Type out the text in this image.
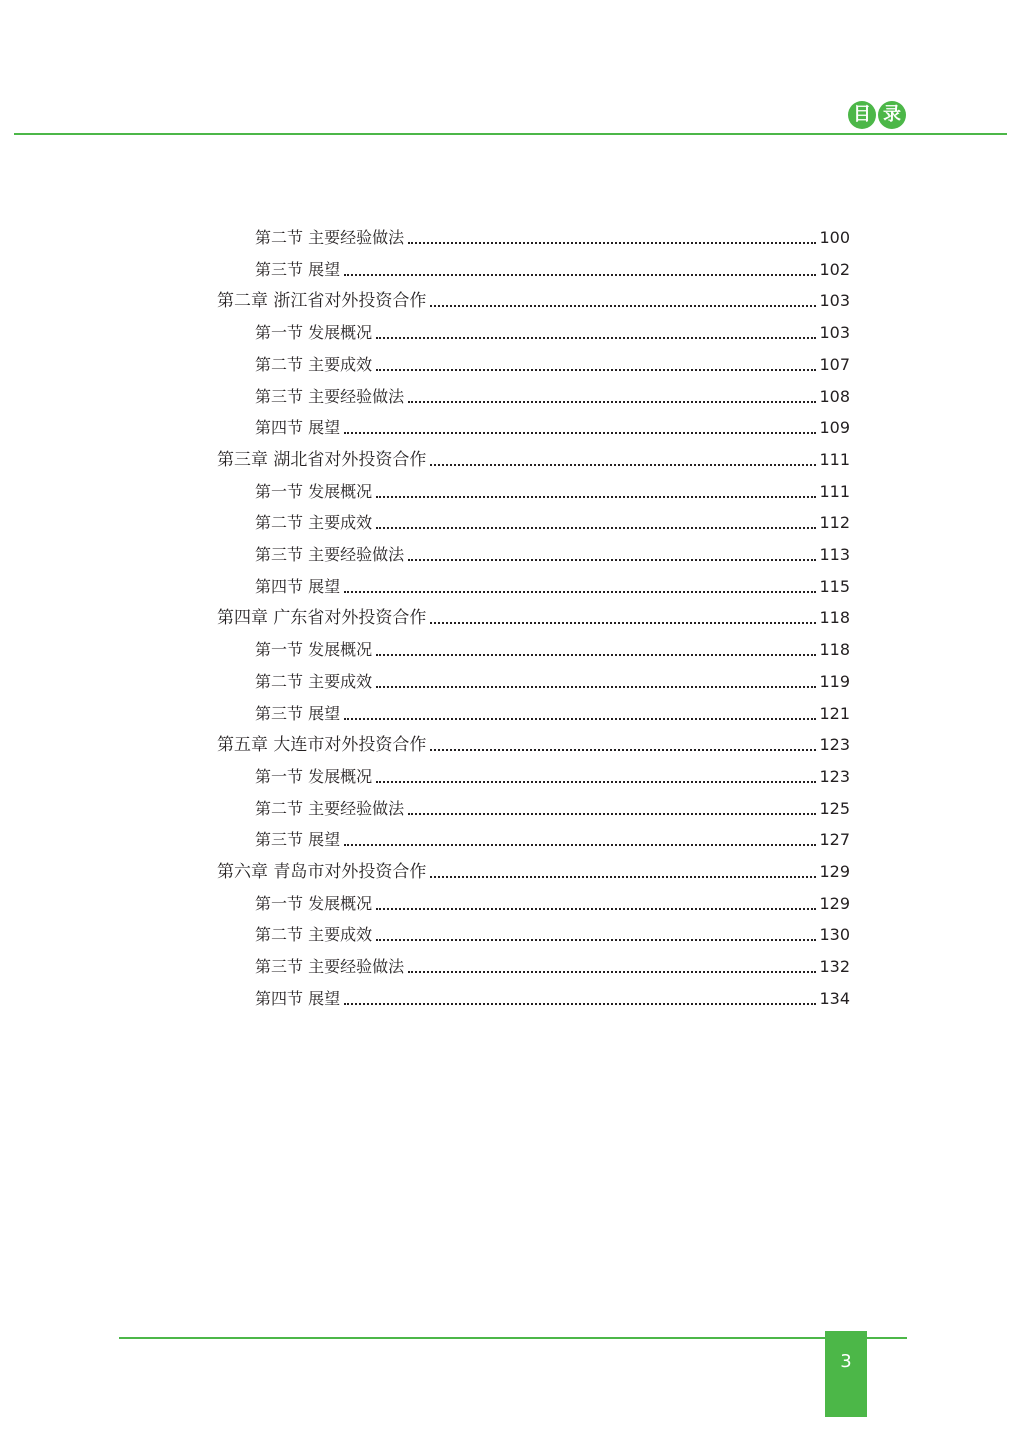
目 录
第二节 主要经验做法	100
第三节 展望	102
第二章 浙江省对外投资合作	103
第一节 发展概况	103
第二节 主要成效	107
第三节 主要经验做法	108
第四节 展望	109
第三章 湖北省对外投资合作	111
第一节 发展概况	111
第二节 主要成效	112
第三节 主要经验做法	113
第四节 展望	115
第四章 广东省对外投资合作	118
第一节 发展概况	118
第二节 主要成效	119
第三节 展望	121
第五章 大连市对外投资合作	123
第一节 发展概况	123
第二节 主要经验做法	125
第三节 展望	127
第六章 青岛市对外投资合作	129
第一节 发展概况	129
第二节 主要成效	130
第三节 主要经验做法	132
第四节 展望	134
3
